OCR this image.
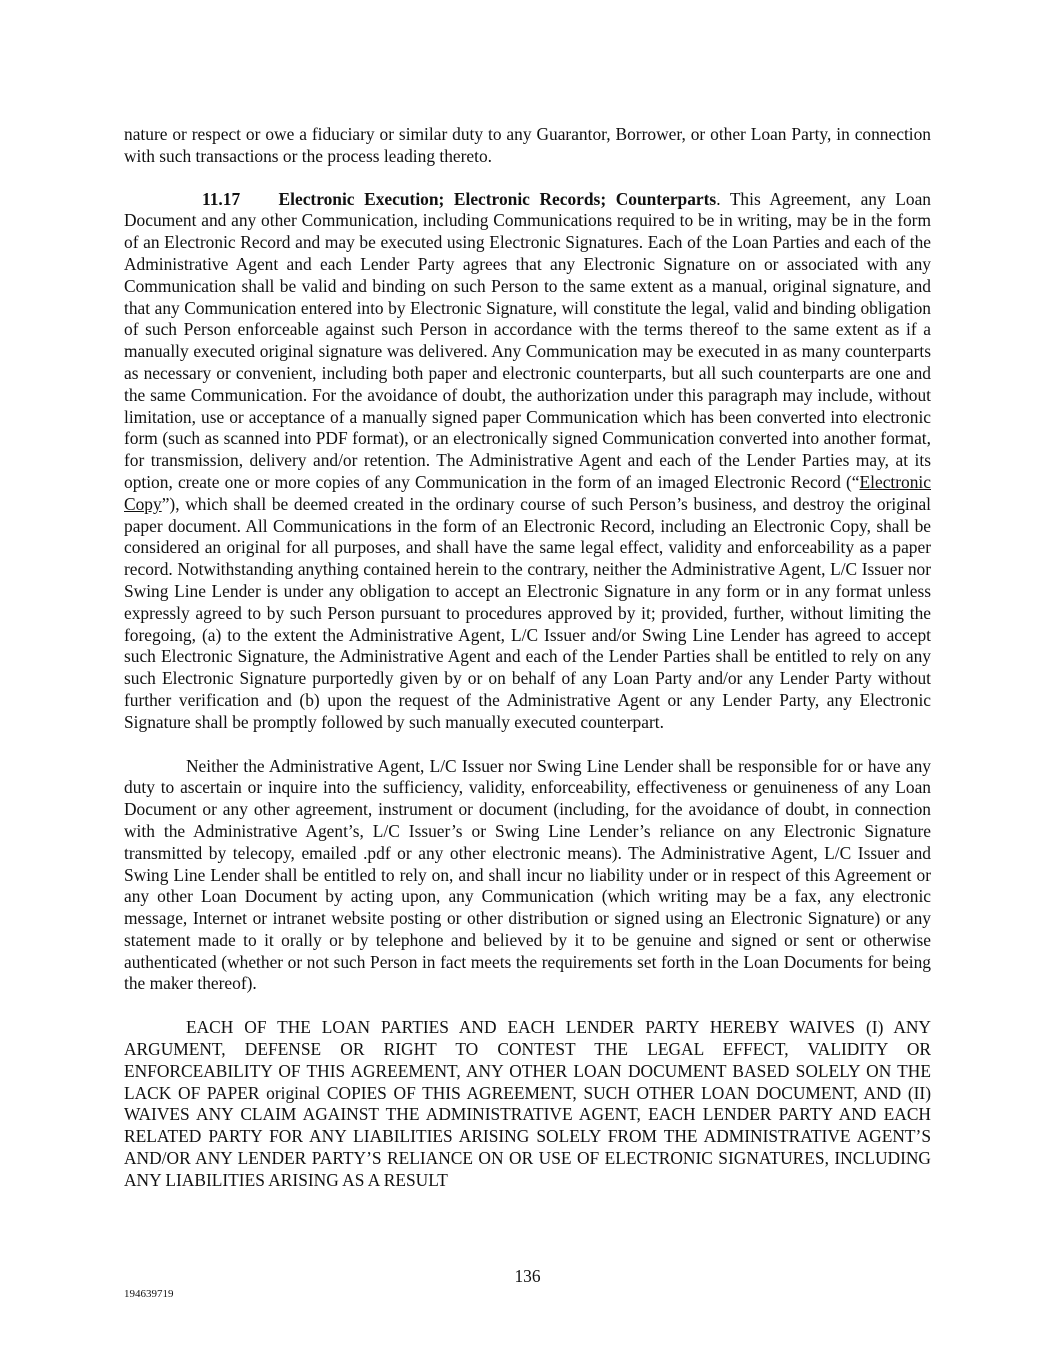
nature or respect or owe a fiduciary or similar duty to any Guarantor, Borrower, or other Loan Party, in connection with such transactions or the process leading thereto.

11.17 Electronic Execution; Electronic Records; Counterparts. This Agreement, any Loan Document and any other Communication, including Communications required to be in writing, may be in the form of an Electronic Record and may be executed using Electronic Signatures. Each of the Loan Parties and each of the Administrative Agent and each Lender Party agrees that any Electronic Signature on or associated with any Communication shall be valid and binding on such Person to the same extent as a manual, original signature, and that any Communication entered into by Electronic Signature, will constitute the legal, valid and binding obligation of such Person enforceable against such Person in accordance with the terms thereof to the same extent as if a manually executed original signature was delivered. Any Communication may be executed in as many counterparts as necessary or convenient, including both paper and electronic counterparts, but all such counterparts are one and the same Communication. For the avoidance of doubt, the authorization under this paragraph may include, without limitation, use or acceptance of a manually signed paper Communication which has been converted into electronic form (such as scanned into PDF format), or an electronically signed Communication converted into another format, for transmission, delivery and/or retention. The Administrative Agent and each of the Lender Parties may, at its option, create one or more copies of any Communication in the form of an imaged Electronic Record (“Electronic Copy”), which shall be deemed created in the ordinary course of such Person’s business, and destroy the original paper document. All Communications in the form of an Electronic Record, including an Electronic Copy, shall be considered an original for all purposes, and shall have the same legal effect, validity and enforceability as a paper record. Notwithstanding anything contained herein to the contrary, neither the Administrative Agent, L/C Issuer nor Swing Line Lender is under any obligation to accept an Electronic Signature in any form or in any format unless expressly agreed to by such Person pursuant to procedures approved by it; provided, further, without limiting the foregoing, (a) to the extent the Administrative Agent, L/C Issuer and/or Swing Line Lender has agreed to accept such Electronic Signature, the Administrative Agent and each of the Lender Parties shall be entitled to rely on any such Electronic Signature purportedly given by or on behalf of any Loan Party and/or any Lender Party without further verification and (b) upon the request of the Administrative Agent or any Lender Party, any Electronic Signature shall be promptly followed by such manually executed counterpart.

Neither the Administrative Agent, L/C Issuer nor Swing Line Lender shall be responsible for or have any duty to ascertain or inquire into the sufficiency, validity, enforceability, effectiveness or genuineness of any Loan Document or any other agreement, instrument or document (including, for the avoidance of doubt, in connection with the Administrative Agent’s, L/C Issuer’s or Swing Line Lender’s reliance on any Electronic Signature transmitted by telecopy, emailed .pdf or any other electronic means). The Administrative Agent, L/C Issuer and Swing Line Lender shall be entitled to rely on, and shall incur no liability under or in respect of this Agreement or any other Loan Document by acting upon, any Communication (which writing may be a fax, any electronic message, Internet or intranet website posting or other distribution or signed using an Electronic Signature) or any statement made to it orally or by telephone and believed by it to be genuine and signed or sent or otherwise authenticated (whether or not such Person in fact meets the requirements set forth in the Loan Documents for being the maker thereof).

EACH OF THE LOAN PARTIES AND EACH LENDER PARTY HEREBY WAIVES (I) ANY ARGUMENT, DEFENSE OR RIGHT TO CONTEST THE LEGAL EFFECT, VALIDITY OR ENFORCEABILITY OF THIS AGREEMENT, ANY OTHER LOAN DOCUMENT BASED SOLELY ON THE LACK OF PAPER original COPIES OF THIS AGREEMENT, SUCH OTHER LOAN DOCUMENT, AND (II) WAIVES ANY CLAIM AGAINST THE ADMINISTRATIVE AGENT, EACH LENDER PARTY AND EACH RELATED PARTY FOR ANY LIABILITIES ARISING SOLELY FROM THE ADMINISTRATIVE AGENT’S AND/OR ANY LENDER PARTY’S RELIANCE ON OR USE OF ELECTRONIC SIGNATURES, INCLUDING ANY LIABILITIES ARISING AS A RESULT

136
194639719
